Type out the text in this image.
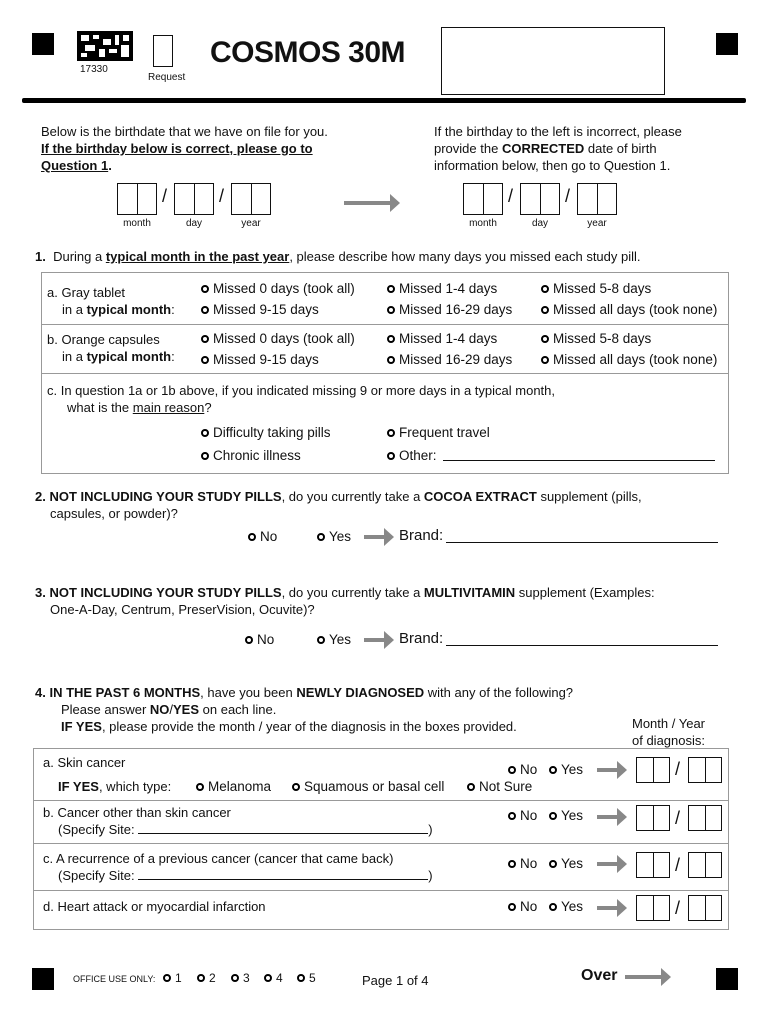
17330
Request
COSMOS 30M
Below is the birthdate that we have on file for you.
If the birthday below is correct, please go to
Question 1.
If the birthday to the left is incorrect, please
provide the CORRECTED date of birth
information below, then go to Question 1.
/	/
month	day	year
/	/
month	day	year
1. During a typical month in the past year, please describe how many days you missed each study pill.
a. Gray tablet
in a typical month:
Missed 0 days (took all)	Missed 1-4 days	Missed 5-8 days
Missed 9-15 days	Missed 16-29 days	Missed all days (took none)
b. Orange capsules
in a typical month:
Missed 0 days (took all)	Missed 1-4 days	Missed 5-8 days
Missed 9-15 days	Missed 16-29 days	Missed all days (took none)
c. In question 1a or 1b above, if you indicated missing 9 or more days in a typical month,
what is the main reason?
Difficulty taking pills	Frequent travel
Chronic illness	Other:
2. NOT INCLUDING YOUR STUDY PILLS, do you currently take a COCOA EXTRACT supplement (pills,
capsules, or powder)?
No	Yes	Brand:
3. NOT INCLUDING YOUR STUDY PILLS, do you currently take a MULTIVITAMIN supplement (Examples:
One-A-Day, Centrum, PreserVision, Ocuvite)?
No	Yes	Brand:
4. IN THE PAST 6 MONTHS, have you been NEWLY DIAGNOSED with any of the following?
Please answer NO/YES on each line.
IF YES, please provide the month / year of the diagnosis in the boxes provided.	Month / Year
of diagnosis:
a. Skin cancer
IF YES, which type:	Melanoma Squamous or basal cell	Not Sure
No Yes	/
b. Cancer other than skin cancer
(Specify Site:	)
No Yes	/
c. A recurrence of a previous cancer (cancer that came back)
(Specify Site:	)
No Yes	/
d. Heart attack or myocardial infarction	No Yes	/
OFFICE USE ONLY: 1 2 3 4 5	Page 1 of 4	Over
